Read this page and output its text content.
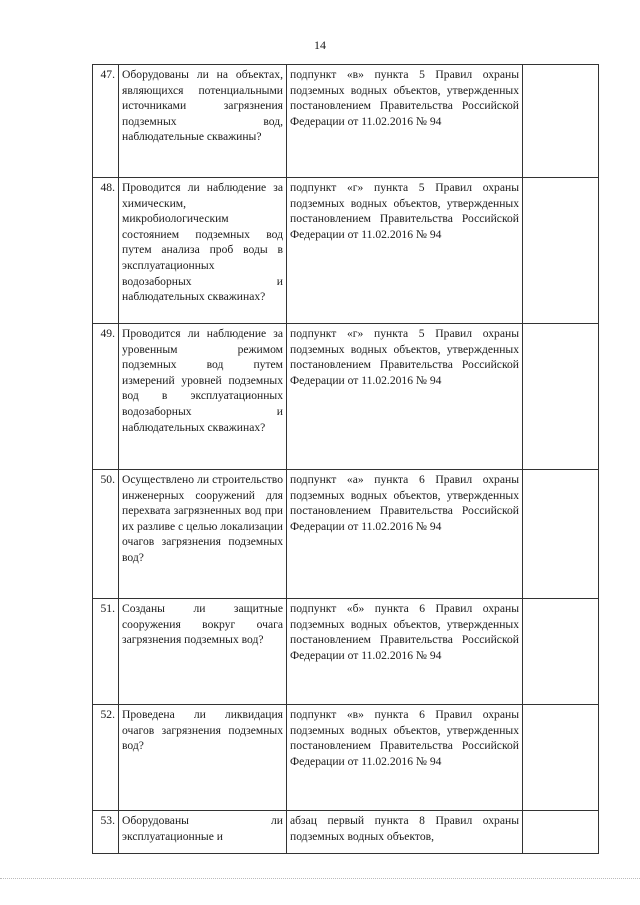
14
47.	Оборудованы ли на объектах, являющихся потенциальными источниками загрязнения подземных вод, наблюдательные скважины?	подпункт «в» пункта 5 Правил охраны подземных водных объектов, утвержденных постановлением Правительства Российской Федерации от 11.02.2016 № 94	
48.	Проводится ли наблюдение за химическим, микробиологическим состоянием подземных вод путем анализа проб воды в эксплуатационных водозаборных и наблюдательных скважинах?	подпункт «г» пункта 5 Правил охраны подземных водных объектов, утвержденных постановлением Правительства Российской Федерации от 11.02.2016 № 94	
49.	Проводится ли наблюдение за уровенным режимом подземных вод путем измерений уровней подземных вод в эксплуатационных водозаборных и наблюдательных скважинах?	подпункт «г» пункта 5 Правил охраны подземных водных объектов, утвержденных постановлением Правительства Российской Федерации от 11.02.2016 № 94	
50.	Осуществлено ли строительство инженерных сооружений для перехвата загрязненных вод при их разливе с целью локализации очагов загрязнения подземных вод?	подпункт «а» пункта 6 Правил охраны подземных водных объектов, утвержденных постановлением Правительства Российской Федерации от 11.02.2016 № 94	
51.	Созданы ли защитные сооружения вокруг очага загрязнения подземных вод?	подпункт «б» пункта 6 Правил охраны подземных водных объектов, утвержденных постановлением Правительства Российской Федерации от 11.02.2016 № 94	
52.	Проведена ли ликвидация очагов загрязнения подземных вод?	подпункт «в» пункта 6 Правил охраны подземных водных объектов, утвержденных постановлением Правительства Российской Федерации от 11.02.2016 № 94	
53.	Оборудованы ли эксплуатационные и	абзац первый пункта 8 Правил охраны подземных водных объектов,	
